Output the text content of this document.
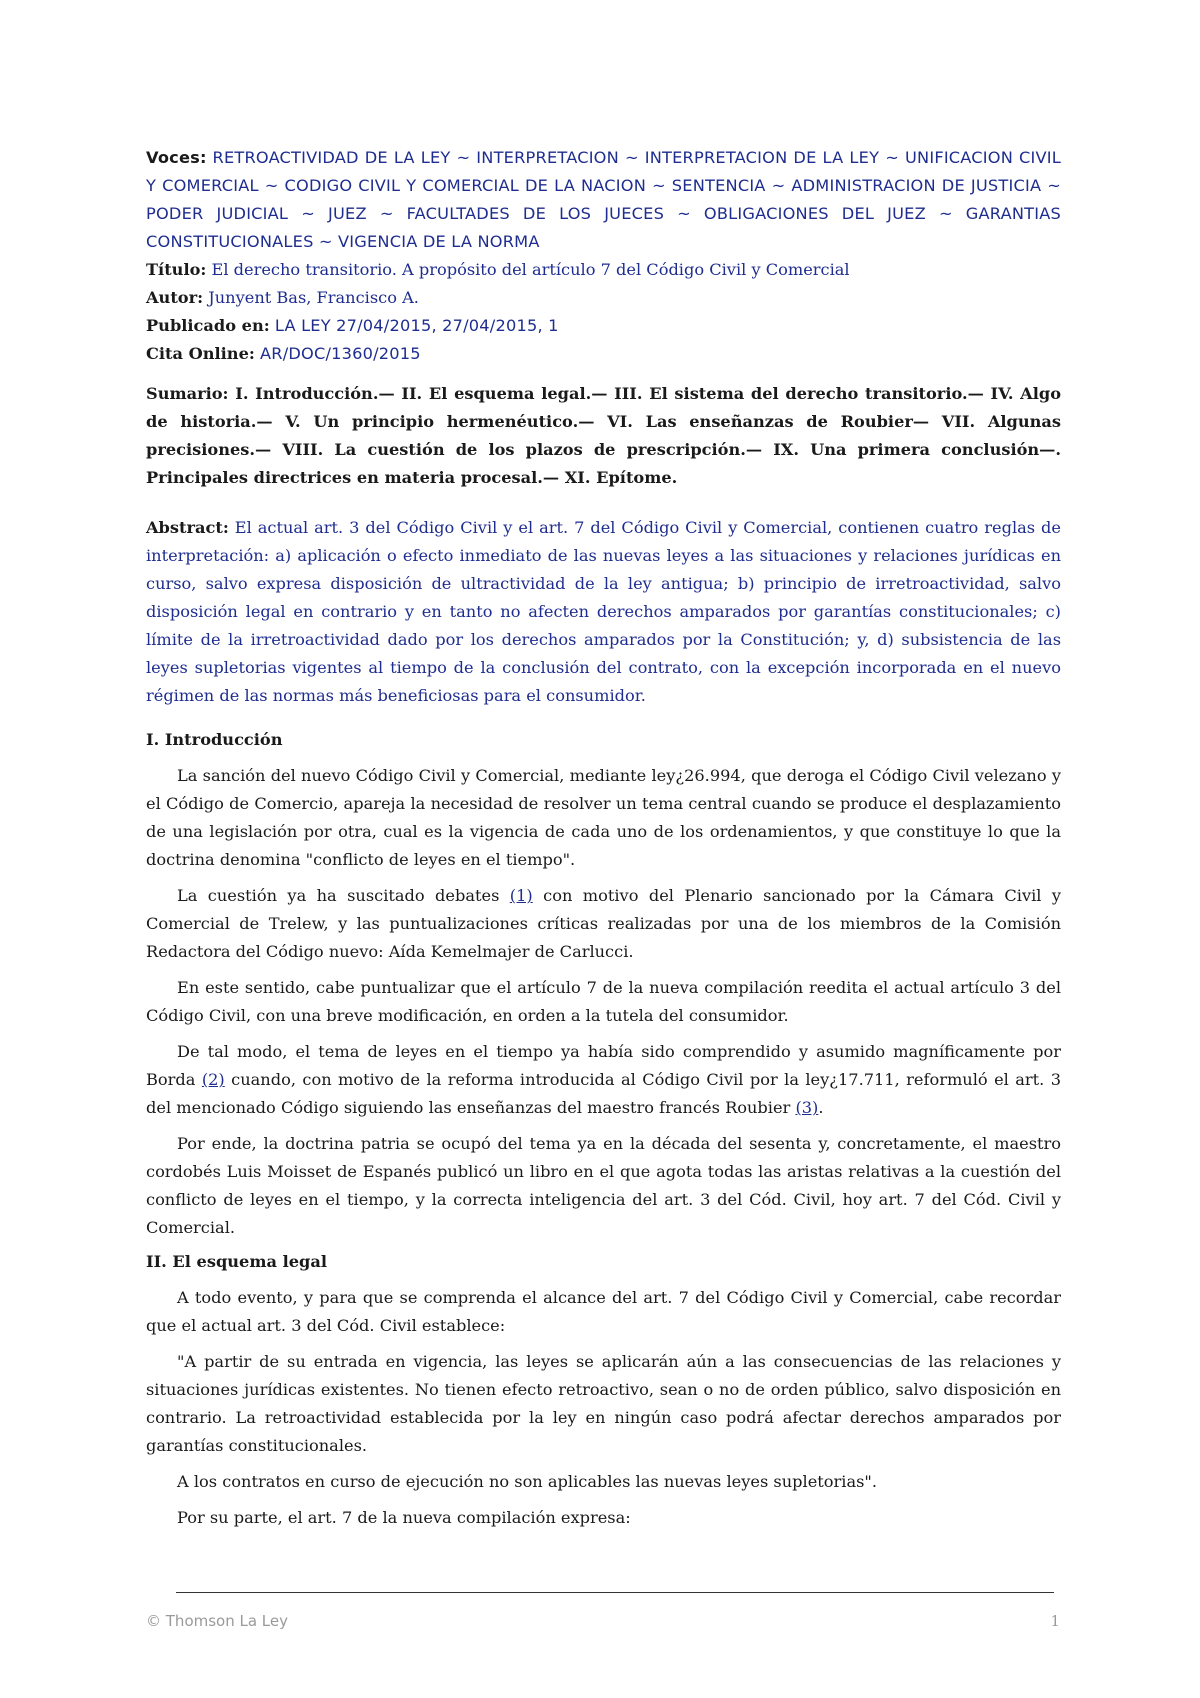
Voces: RETROACTIVIDAD DE LA LEY ~ INTERPRETACION ~ INTERPRETACION DE LA LEY ~ UNIFICACION CIVIL Y COMERCIAL ~ CODIGO CIVIL Y COMERCIAL DE LA NACION ~ SENTENCIA ~ ADMINISTRACION DE JUSTICIA ~ PODER JUDICIAL ~ JUEZ ~ FACULTADES DE LOS JUECES ~ OBLIGACIONES DEL JUEZ ~ GARANTIAS CONSTITUCIONALES ~ VIGENCIA DE LA NORMA

Título: El derecho transitorio. A propósito del artículo 7 del Código Civil y Comercial

Autor: Junyent Bas, Francisco A.

Publicado en: LA LEY 27/04/2015, 27/04/2015, 1

Cita Online: AR/DOC/1360/2015

Sumario: I. Introducción.— II. El esquema legal.— III. El sistema del derecho transitorio.— IV. Algo de historia.— V. Un principio hermenéutico.— VI. Las enseñanzas de Roubier— VII. Algunas precisiones.— VIII. La cuestión de los plazos de prescripción.— IX. Una primera conclusión—. Principales directrices en materia procesal.— XI. Epítome.

Abstract: El actual art. 3 del Código Civil y el art. 7 del Código Civil y Comercial, contienen cuatro reglas de interpretación: a) aplicación o efecto inmediato de las nuevas leyes a las situaciones y relaciones jurídicas en curso, salvo expresa disposición de ultractividad de la ley antigua; b) principio de irretroactividad, salvo disposición legal en contrario y en tanto no afecten derechos amparados por garantías constitucionales; c) límite de la irretroactividad dado por los derechos amparados por la Constitución; y, d) subsistencia de las leyes supletorias vigentes al tiempo de la conclusión del contrato, con la excepción incorporada en el nuevo régimen de las normas más beneficiosas para el consumidor.

I. Introducción

La sanción del nuevo Código Civil y Comercial, mediante ley¿26.994, que deroga el Código Civil velezano y el Código de Comercio, apareja la necesidad de resolver un tema central cuando se produce el desplazamiento de una legislación por otra, cual es la vigencia de cada uno de los ordenamientos, y que constituye lo que la doctrina denomina "conflicto de leyes en el tiempo".

La cuestión ya ha suscitado debates (1) con motivo del Plenario sancionado por la Cámara Civil y Comercial de Trelew, y las puntualizaciones críticas realizadas por una de los miembros de la Comisión Redactora del Código nuevo: Aída Kemelmajer de Carlucci.

En este sentido, cabe puntualizar que el artículo 7 de la nueva compilación reedita el actual artículo 3 del Código Civil, con una breve modificación, en orden a la tutela del consumidor.

De tal modo, el tema de leyes en el tiempo ya había sido comprendido y asumido magníficamente por Borda (2) cuando, con motivo de la reforma introducida al Código Civil por la ley¿17.711, reformuló el art. 3 del mencionado Código siguiendo las enseñanzas del maestro francés Roubier (3).

Por ende, la doctrina patria se ocupó del tema ya en la década del sesenta y, concretamente, el maestro cordobés Luis Moisset de Espanés publicó un libro en el que agota todas las aristas relativas a la cuestión del conflicto de leyes en el tiempo, y la correcta inteligencia del art. 3 del Cód. Civil, hoy art. 7 del Cód. Civil y Comercial.

II. El esquema legal

A todo evento, y para que se comprenda el alcance del art. 7 del Código Civil y Comercial, cabe recordar que el actual art. 3 del Cód. Civil establece:

"A partir de su entrada en vigencia, las leyes se aplicarán aún a las consecuencias de las relaciones y situaciones jurídicas existentes. No tienen efecto retroactivo, sean o no de orden público, salvo disposición en contrario. La retroactividad establecida por la ley en ningún caso podrá afectar derechos amparados por garantías constitucionales.

A los contratos en curso de ejecución no son aplicables las nuevas leyes supletorias".

Por su parte, el art. 7 de la nueva compilación expresa:

© Thomson La Ley	1
